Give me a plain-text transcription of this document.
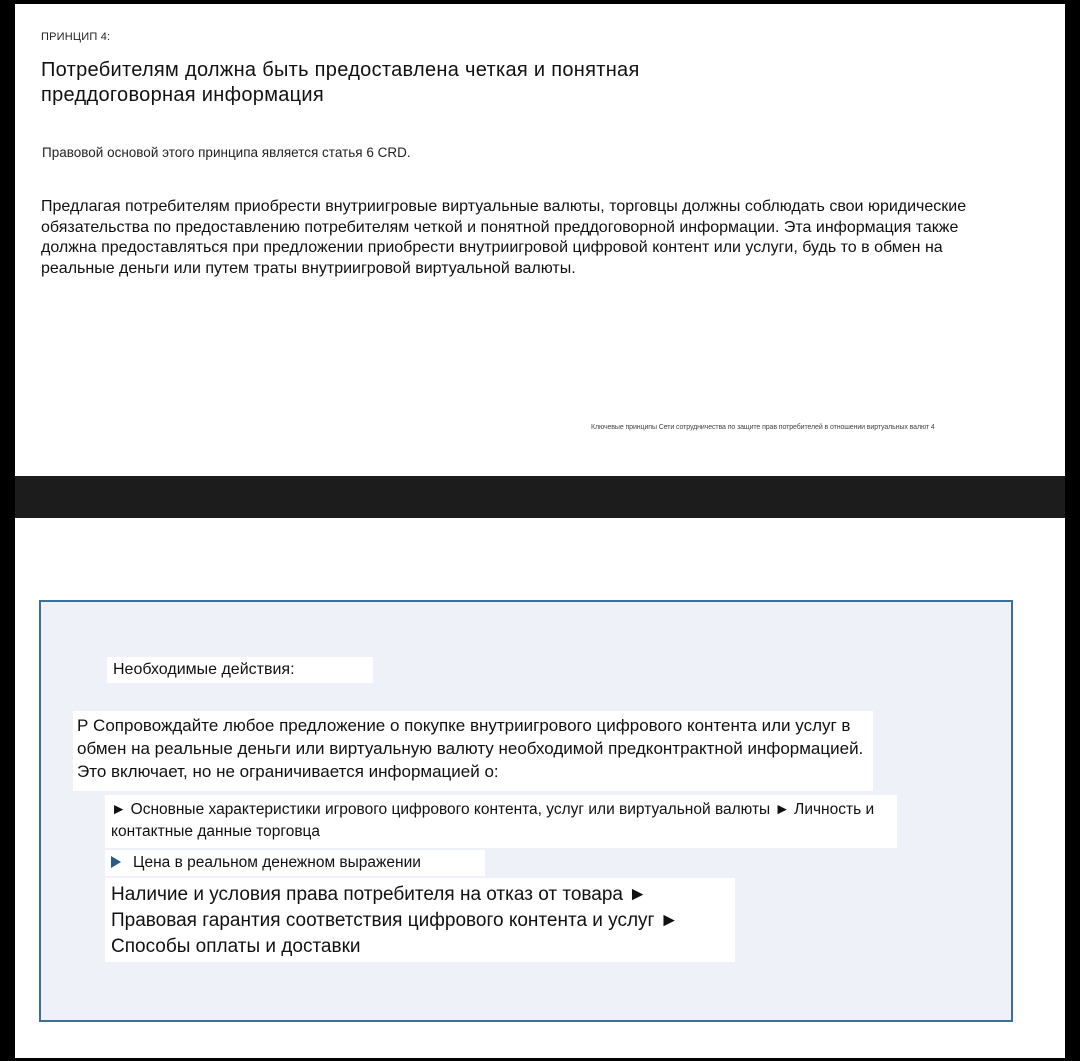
ПРИНЦИП 4:
Потребителям должна быть предоставлена четкая и понятная преддоговорная информация
Правовой основой этого принципа является статья 6 CRD.
Предлагая потребителям приобрести внутриигровые виртуальные валюты, торговцы должны соблюдать свои юридические обязательства по предоставлению потребителям четкой и понятной преддоговорной информации. Эта информация также должна предоставляться при предложении приобрести внутриигровой цифровой контент или услуги, будь то в обмен на реальные деньги или путем траты внутриигровой виртуальной валюты.
Ключевые принципы Сети сотрудничества по защите прав потребителей в отношении виртуальных валют 4
Необходимые действия:
Р Сопровождайте любое предложение о покупке внутриигрового цифрового контента или услуг в обмен на реальные деньги или виртуальную валюту необходимой предконтрактной информацией. Это включает, но не ограничивается информацией о:
► Основные характеристики игрового цифрового контента, услуг или виртуальной валюты ► Личность и контактные данные торговца
Цена в реальном денежном выражении
Наличие и условия права потребителя на отказ от товара ► Правовая гарантия соответствия цифрового контента и услуг ► Способы оплаты и доставки
